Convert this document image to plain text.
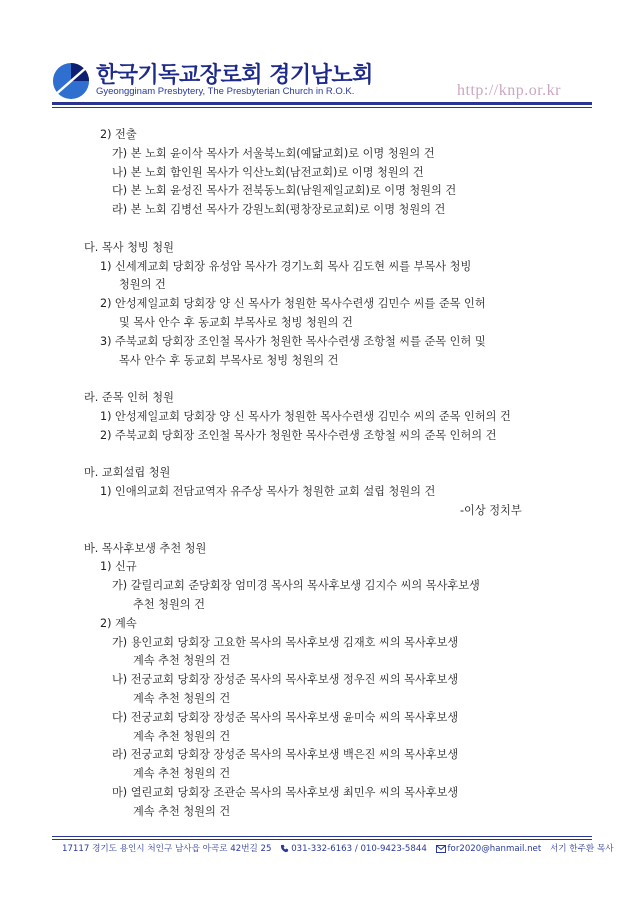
한국기독교장로회 경기남노회
Gyeongginam Presbytery, The Presbyterian Church in R.O.K.	http://knp.or.kr
2) 전출
가) 본 노회 윤이삭 목사가 서울북노회(예닮교회)로 이명 청원의 건
나) 본 노회 함인원 목사가 익산노회(남전교회)로 이명 청원의 건
다) 본 노회 윤성진 목사가 전북동노회(남원제일교회)로 이명 청원의 건
라) 본 노회 김병선 목사가 강원노회(평창장로교회)로 이명 청원의 건
다. 목사 청빙 청원
1) 신세계교회 당회장 유성암 목사가 경기노회 목사 김도현 씨를 부목사 청빙
청원의 건
2) 안성제일교회 당회장 양 신 목사가 청원한 목사수련생 김민수 씨를 준목 인허
및 목사 안수 후 동교회 부목사로 청빙 청원의 건
3) 주북교회 당회장 조인철 목사가 청원한 목사수련생 조항철 씨를 준목 인허 및
목사 안수 후 동교회 부목사로 청빙 청원의 건
라. 준목 인허 청원
1) 안성제일교회 당회장 양 신 목사가 청원한 목사수련생 김민수 씨의 준목 인허의 건
2) 주북교회 당회장 조인철 목사가 청원한 목사수련생 조항철 씨의 준목 인허의 건
마. 교회설립 청원
1) 인애의교회 전담교역자 유주상 목사가 청원한 교회 설립 청원의 건
-이상 정치부
바. 목사후보생 추천 청원
1) 신규
가) 갈릴리교회 준당회장 엄미경 목사의 목사후보생 김지수 씨의 목사후보생
추천 청원의 건
2) 계속
가) 용인교회 당회장 고요한 목사의 목사후보생 김재호 씨의 목사후보생
계속 추천 청원의 건
나) 전궁교회 당회장 장성준 목사의 목사후보생 정우진 씨의 목사후보생
계속 추천 청원의 건
다) 전궁교회 당회장 장성준 목사의 목사후보생 윤미숙 씨의 목사후보생
계속 추천 청원의 건
라) 전궁교회 당회장 장성준 목사의 목사후보생 백은진 씨의 목사후보생
계속 추천 청원의 건
마) 열린교회 당회장 조관순 목사의 목사후보생 최민우 씨의 목사후보생
계속 추천 청원의 건
17117 경기도 용인시 처인구 남사읍 아곡로 42번길 25 031-332-6163 / 010-9423-5844 for2020@hanmail.net 서기 한주환 목사
